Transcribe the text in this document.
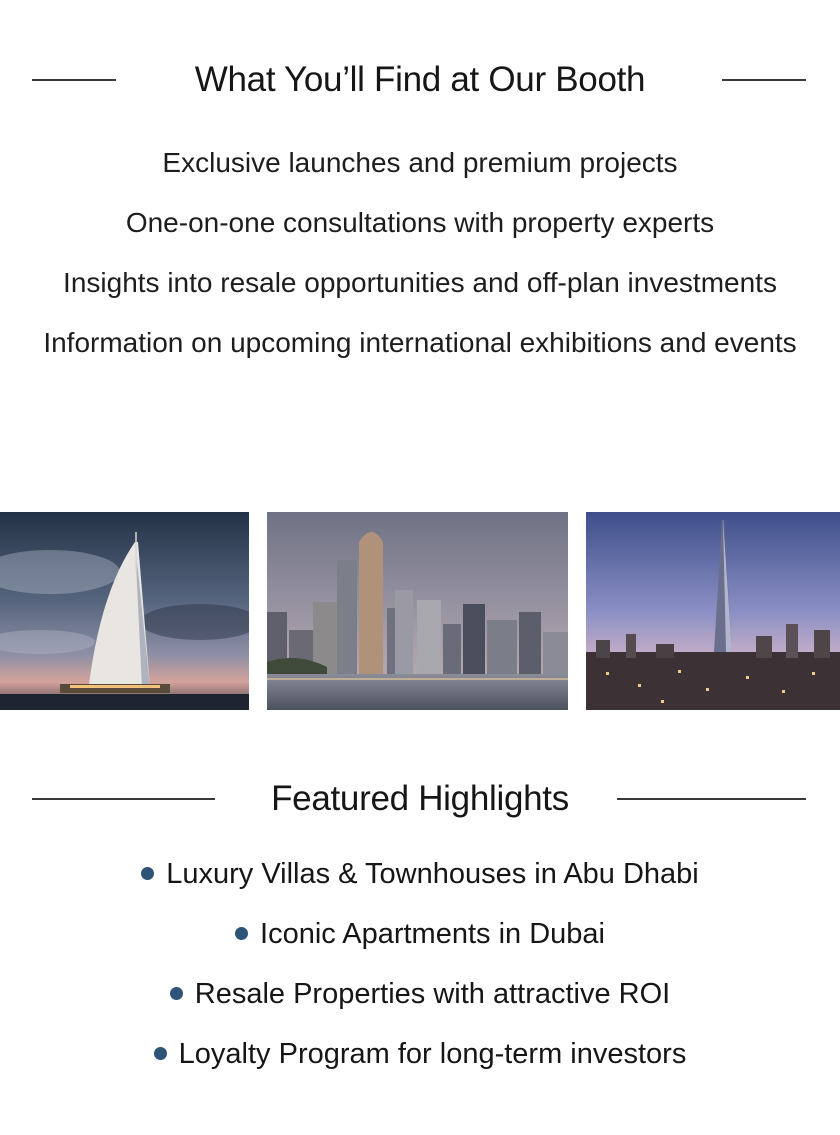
What You’ll Find at Our Booth
Exclusive launches and premium projects
One-on-one consultations with property experts
Insights into resale opportunities and off-plan investments
Information on upcoming international exhibitions and events
Featured Highlights
Luxury Villas & Townhouses in Abu Dhabi
Iconic Apartments in Dubai
Resale Properties with attractive ROI
Loyalty Program for long-term investors
